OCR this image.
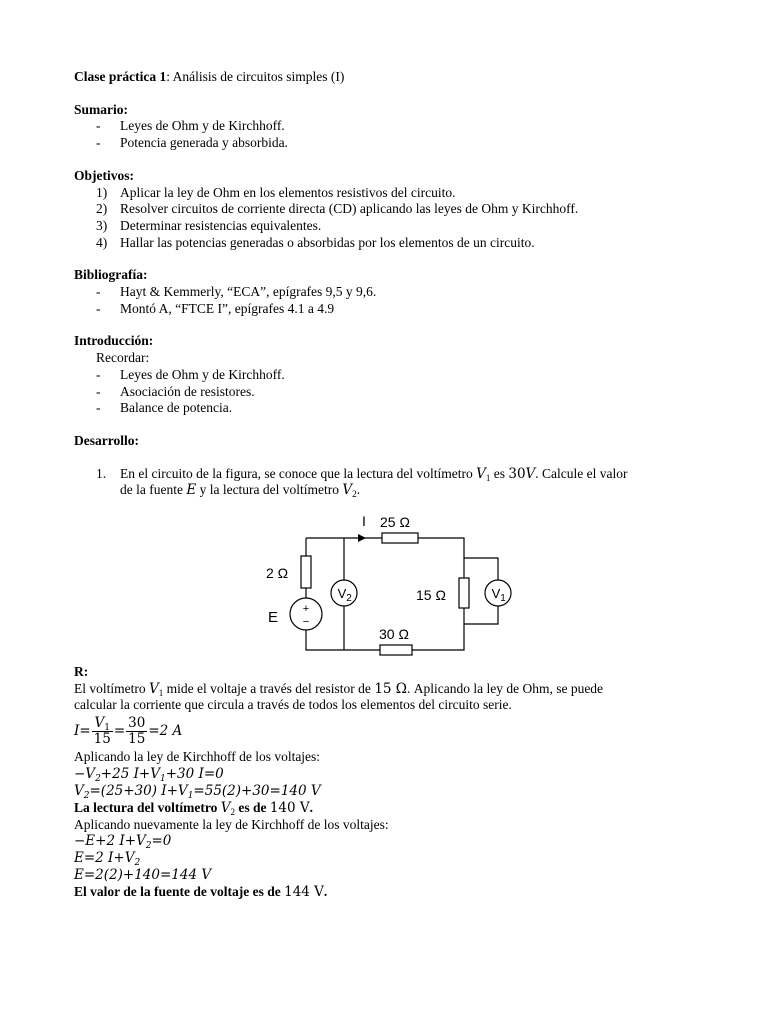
Clase práctica 1: Análisis de circuitos simples (I)
Sumario:
- Leyes de Ohm y de Kirchhoff.
- Potencia generada y absorbida.
Objetivos:
1) Aplicar la ley de Ohm en los elementos resistivos del circuito.
2) Resolver circuitos de corriente directa (CD) aplicando las leyes de Ohm y Kirchhoff.
3) Determinar resistencias equivalentes.
4) Hallar las potencias generadas o absorbidas por los elementos de un circuito.
Bibliografía:
- Hayt & Kemmerly, “ECA”, epígrafes 9,5 y 9,6.
- Montó A, “FTCE I”, epígrafes 4.1 a 4.9
Introducción:
Recordar:
- Leyes de Ohm y de Kirchhoff.
- Asociación de resistores.
- Balance de potencia.
Desarrollo:
1. En el circuito de la figura, se conoce que la lectura del voltímetro $V_1$ es 30V. Calcule el valor
de la fuente E y la lectura del voltímetro $V_2$.
+
−
V 2	V 1
I 25 Ω
2 Ω
15 Ω
30 Ω
E
R:
El voltímetro $V_1$ mide el voltaje a través del resistor de 15 Ω. Aplicando la ley de Ohm, se puede
calcular la corriente que circula a través de todos los elementos del circuito serie.
$I= \frac{V_1}{15} = \frac{30}{15} =2$ A
Aplicando la ley de Kirchhoff de los voltajes:
$-V_2+25$ $I+V_1+30$ I=0
$V_2=(25+30)$ $I+V_1=55(2)+30=140$ V
La lectura del voltímetro $V_2$ es de 140 V.
Aplicando nuevamente la ley de Kirchhoff de los voltajes:
−E+2 $I+V_2=0$
E=2 $I+V_2$
E=2(2)+140=144 V
El valor de la fuente de voltaje es de 144 V.
